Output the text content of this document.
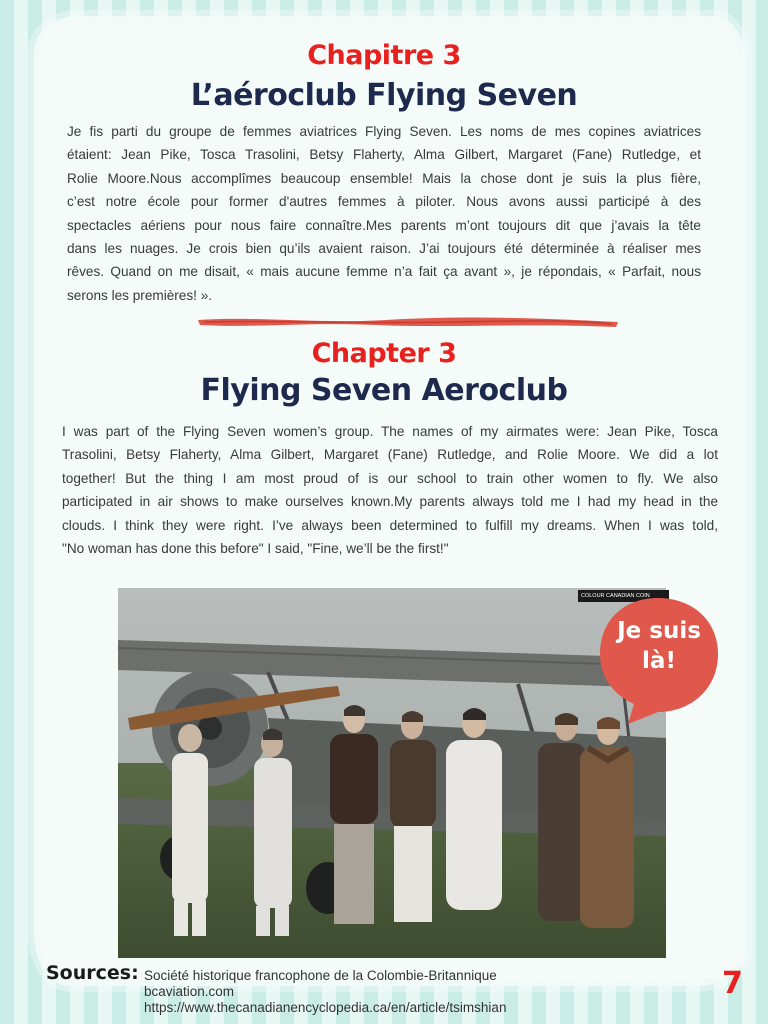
Chapitre 3
L’aéroclub Flying Seven
Je fis parti du groupe de femmes aviatrices Flying Seven. Les noms de mes copines aviatrices
étaient: Jean Pike, Tosca Trasolini, Betsy Flaherty, Alma Gilbert, Margaret (Fane) Rutledge, et
Rolie Moore.Nous accomplîmes beaucoup ensemble! Mais la chose dont je suis la plus fière,
c’est notre école pour former d'autres femmes à piloter. Nous avons aussi participé à des
spectacles aériens pour nous faire connaître.Mes parents m’ont toujours dit que j’avais la tête
dans les nuages. Je crois bien qu’ils avaient raison. J’ai toujours été déterminée à réaliser mes
rêves. Quand on me disait, « mais aucune femme n’a fait ça avant », je répondais, « Parfait, nous
serons les premières! ».
Chapter 3
Flying Seven Aeroclub
I was part of the Flying Seven women’s group. The names of my airmates were: Jean Pike, Tosca
Trasolini, Betsy Flaherty, Alma Gilbert, Margaret (Fane) Rutledge, and Rolie Moore. We did a lot
together! But the thing I am most proud of is our school to train other women to fly. We also
participated in air shows to make ourselves known.My parents always told me I had my head in the
clouds. I think they were right. I’ve always been determined to fulfill my dreams. When I was told,
"No woman has done this before" I said, "Fine, we’ll be the first!"
COLOUR CANADIAN COIN
Je suis
là!
Sources: Société historique francophone de la Colombie-Britannique
bcaviation.com
https://www.thecanadianencyclopedia.ca/en/article/tsimshian
7
